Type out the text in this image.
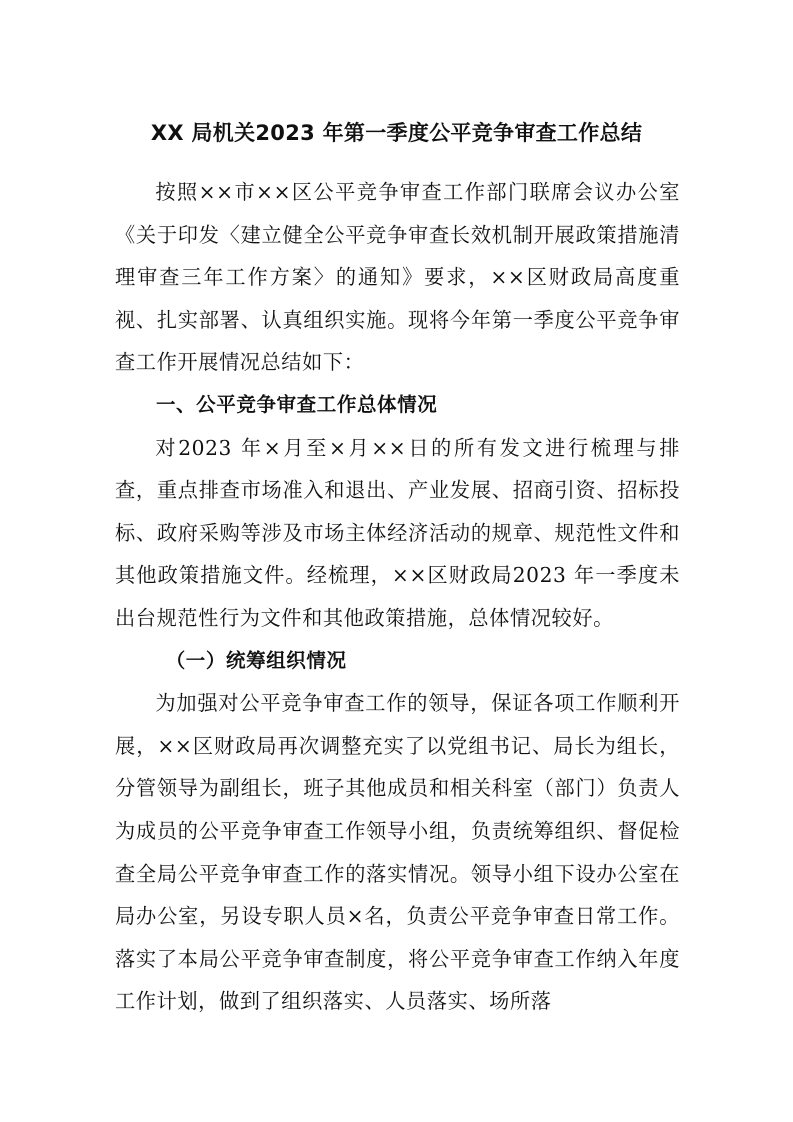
XX 局机关2023 年第一季度公平竞争审查工作总结

按照××市××区公平竞争审查工作部门联席会议办公室《关于印发〈建立健全公平竞争审查长效机制开展政策措施清理审查三年工作方案〉的通知》要求，××区财政局高度重视、扎实部署、认真组织实施。现将今年第一季度公平竞争审查工作开展情况总结如下：

一、公平竞争审查工作总体情况

对2023 年×月至×月××日的所有发文进行梳理与排查，重点排查市场准入和退出、产业发展、招商引资、招标投标、政府采购等涉及市场主体经济活动的规章、规范性文件和其他政策措施文件。经梳理，××区财政局2023 年一季度未出台规范性行为文件和其他政策措施，总体情况较好。

（一）统筹组织情况

为加强对公平竞争审查工作的领导，保证各项工作顺利开展，××区财政局再次调整充实了以党组书记、局长为组长，分管领导为副组长，班子其他成员和相关科室（部门）负责人为成员的公平竞争审查工作领导小组，负责统筹组织、督促检查全局公平竞争审查工作的落实情况。领导小组下设办公室在局办公室，另设专职人员×名，负责公平竞争审查日常工作。落实了本局公平竞争审查制度，将公平竞争审查工作纳入年度工作计划，做到了组织落实、人员落实、场所落
